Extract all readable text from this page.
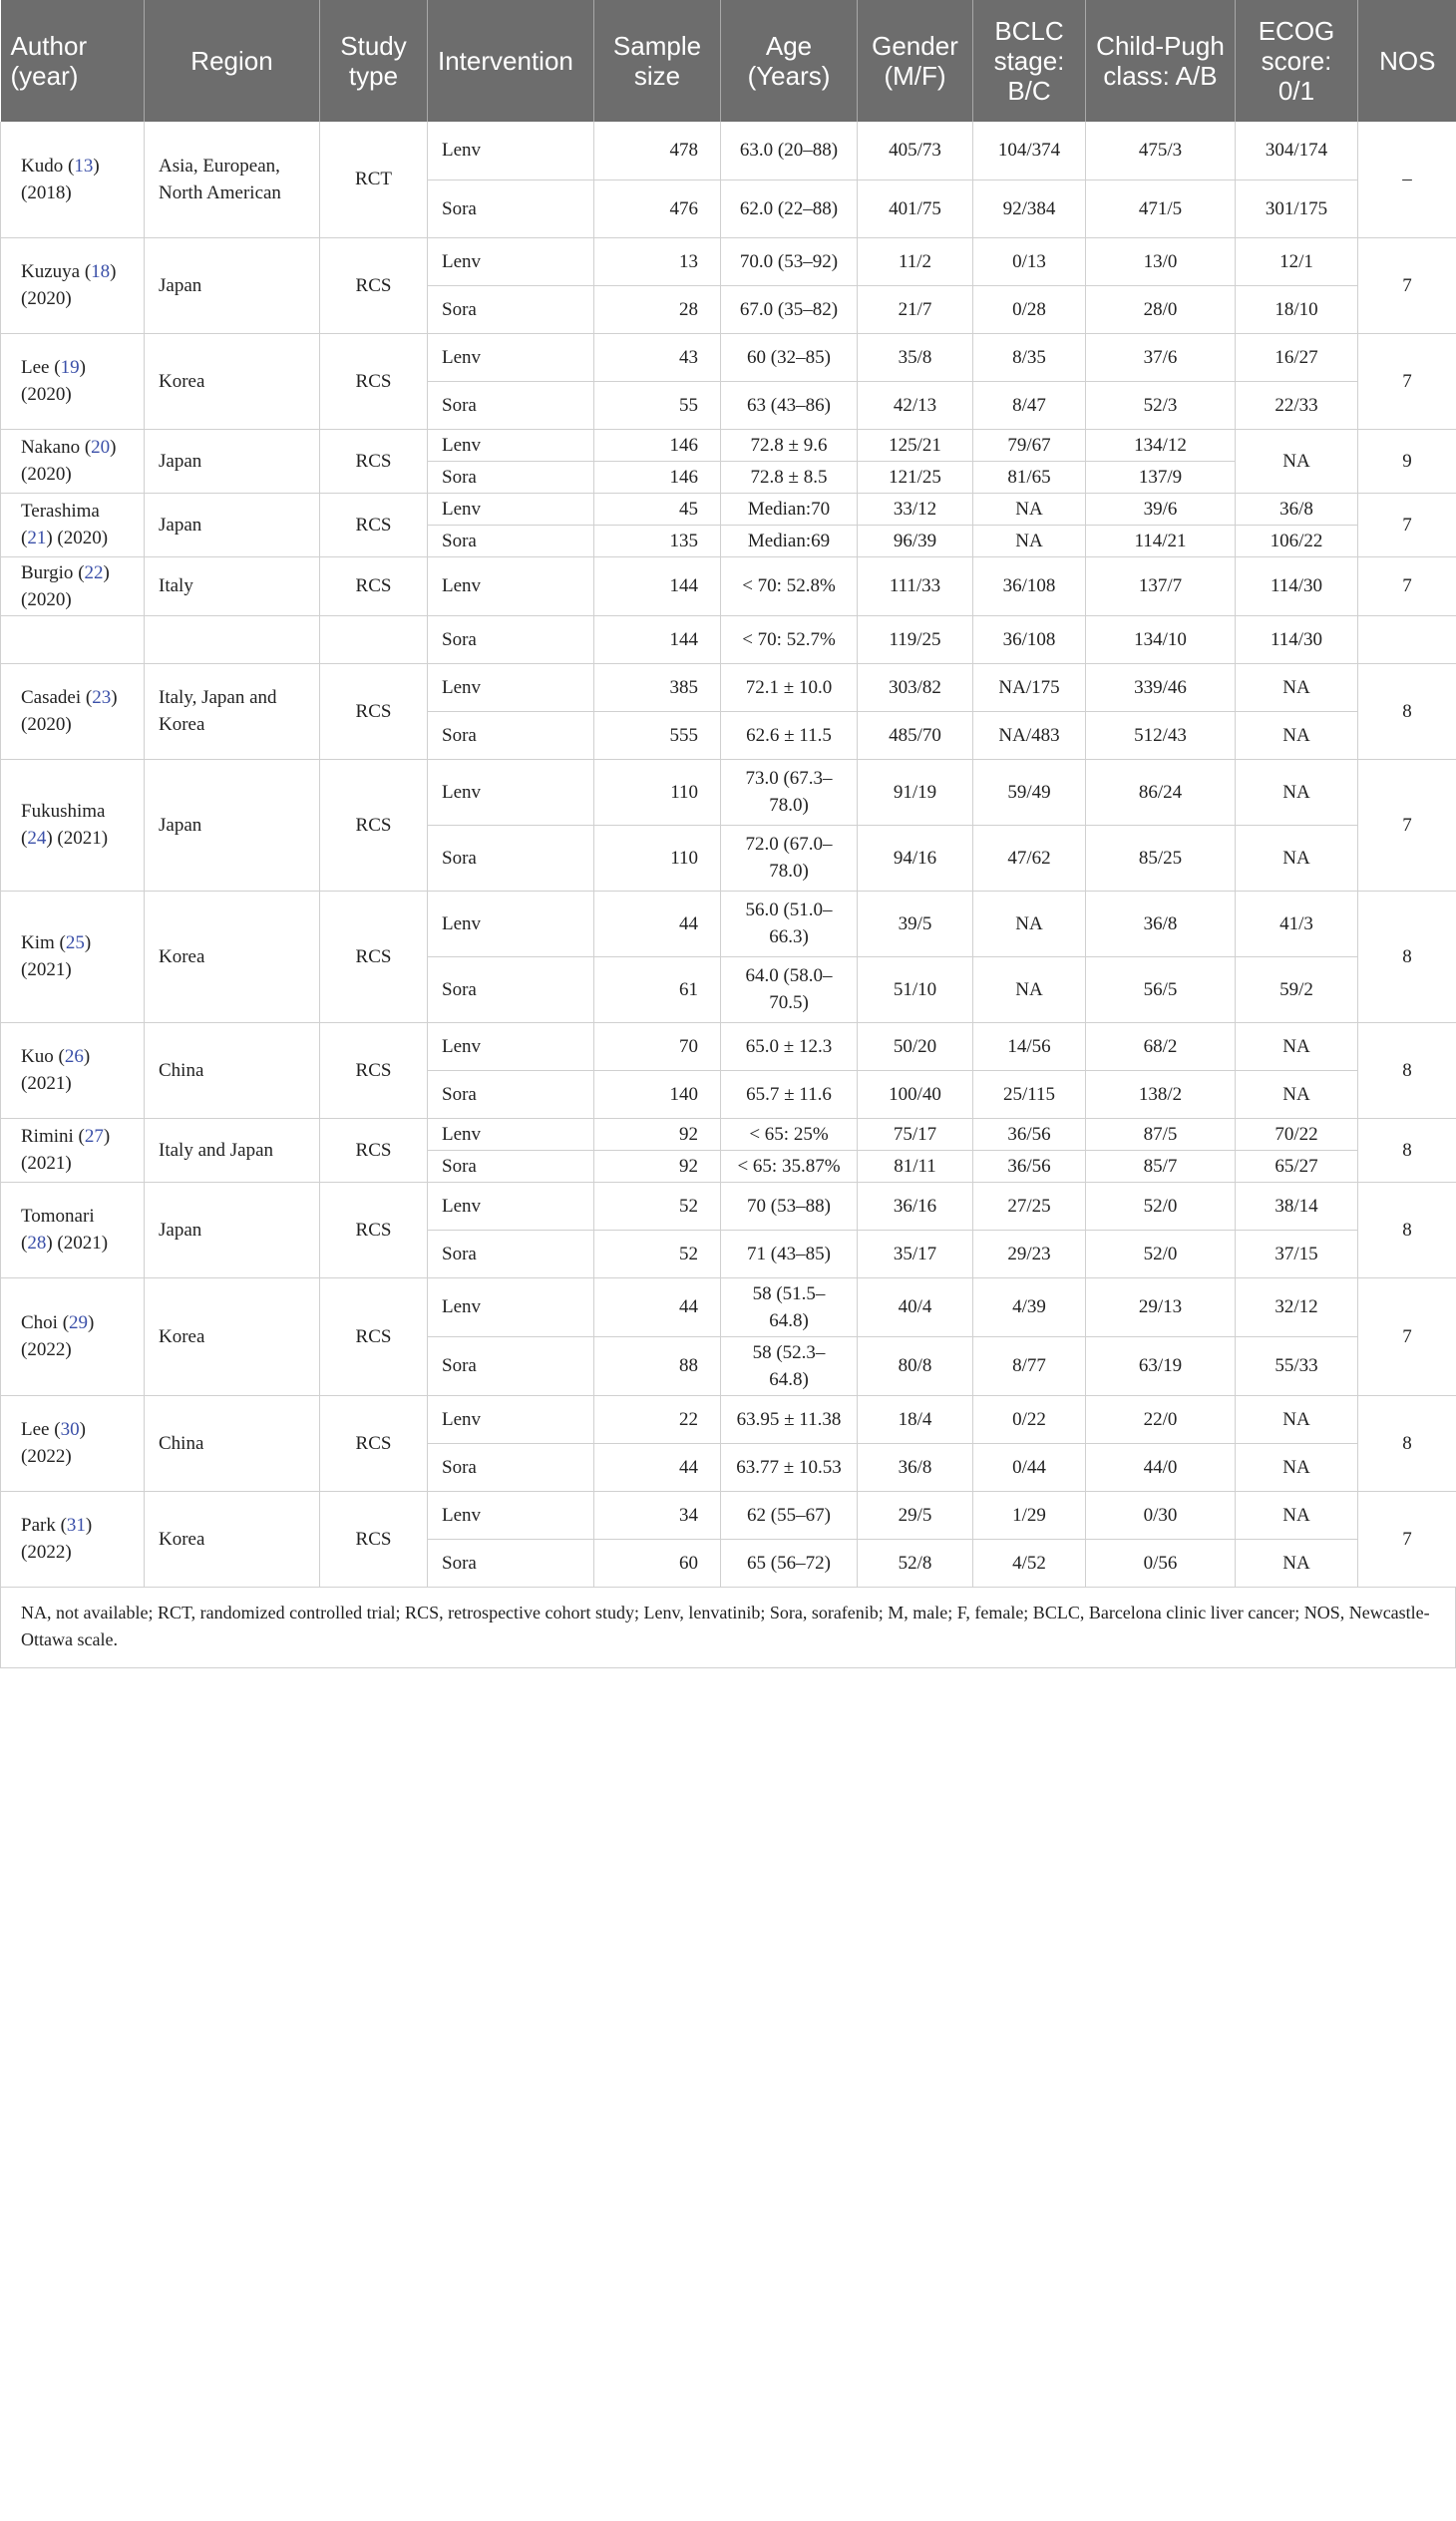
Author (year)	Region	Study type	Intervention	Sample size	Age (Years)	Gender (M/F)	BCLC stage: B/C	Child-Pugh class: A/B	ECOG score: 0/1	NOS
Kudo (13) (2018)	Asia, European, North American	RCT	Lenv	478	63.0 (20–88)	405/73	104/374	475/3	304/174	–
			Sora	476	62.0 (22–88)	401/75	92/384	471/5	301/175	
Kuzuya (18) (2020)	Japan	RCS	Lenv	13	70.0 (53–92)	11/2	0/13	13/0	12/1	7
			Sora	28	67.0 (35–82)	21/7	0/28	28/0	18/10	
Lee (19) (2020)	Korea	RCS	Lenv	43	60 (32–85)	35/8	8/35	37/6	16/27	7
			Sora	55	63 (43–86)	42/13	8/47	52/3	22/33	
Nakano (20) (2020)	Japan	RCS	Lenv	146	72.8 ± 9.6	125/21	79/67	134/12	NA	9
			Sora	146	72.8 ± 8.5	121/25	81/65	137/9		
Terashima (21) (2020)	Japan	RCS	Lenv	45	Median:70	33/12	NA	39/6	36/8	7
			Sora	135	Median:69	96/39	NA	114/21	106/22	
Burgio (22) (2020)	Italy	RCS	Lenv	144	< 70: 52.8%	111/33	36/108	137/7	114/30	7
			Sora	144	< 70: 52.7%	119/25	36/108	134/10	114/30	
Casadei (23) (2020)	Italy, Japan and Korea	RCS	Lenv	385	72.1 ± 10.0	303/82	NA/175	339/46	NA	8
			Sora	555	62.6 ± 11.5	485/70	NA/483	512/43	NA	
Fukushima (24) (2021)	Japan	RCS	Lenv	110	73.0 (67.3–78.0)	91/19	59/49	86/24	NA	7
			Sora	110	72.0 (67.0–78.0)	94/16	47/62	85/25	NA	
Kim (25) (2021)	Korea	RCS	Lenv	44	56.0 (51.0–66.3)	39/5	NA	36/8	41/3	8
			Sora	61	64.0 (58.0–70.5)	51/10	NA	56/5	59/2	
Kuo (26) (2021)	China	RCS	Lenv	70	65.0 ± 12.3	50/20	14/56	68/2	NA	8
			Sora	140	65.7 ± 11.6	100/40	25/115	138/2	NA	
Rimini (27) (2021)	Italy and Japan	RCS	Lenv	92	< 65: 25%	75/17	36/56	87/5	70/22	8
			Sora	92	< 65: 35.87%	81/11	36/56	85/7	65/27	
Tomonari (28) (2021)	Japan	RCS	Lenv	52	70 (53–88)	36/16	27/25	52/0	38/14	8
			Sora	52	71 (43–85)	35/17	29/23	52/0	37/15	
Choi (29) (2022)	Korea	RCS	Lenv	44	58 (51.5–64.8)	40/4	4/39	29/13	32/12	7
			Sora	88	58 (52.3–64.8)	80/8	8/77	63/19	55/33	
Lee (30) (2022)	China	RCS	Lenv	22	63.95 ± 11.38	18/4	0/22	22/0	NA	8
			Sora	44	63.77 ± 10.53	36/8	0/44	44/0	NA	
Park (31) (2022)	Korea	RCS	Lenv	34	62 (55–67)	29/5	1/29	0/30	NA	7
			Sora	60	65 (56–72)	52/8	4/52	0/56	NA	
NA, not available; RCT, randomized controlled trial; RCS, retrospective cohort study; Lenv, lenvatinib; Sora, sorafenib; M, male; F, female; BCLC, Barcelona clinic liver cancer; NOS, Newcastle-Ottawa scale.
